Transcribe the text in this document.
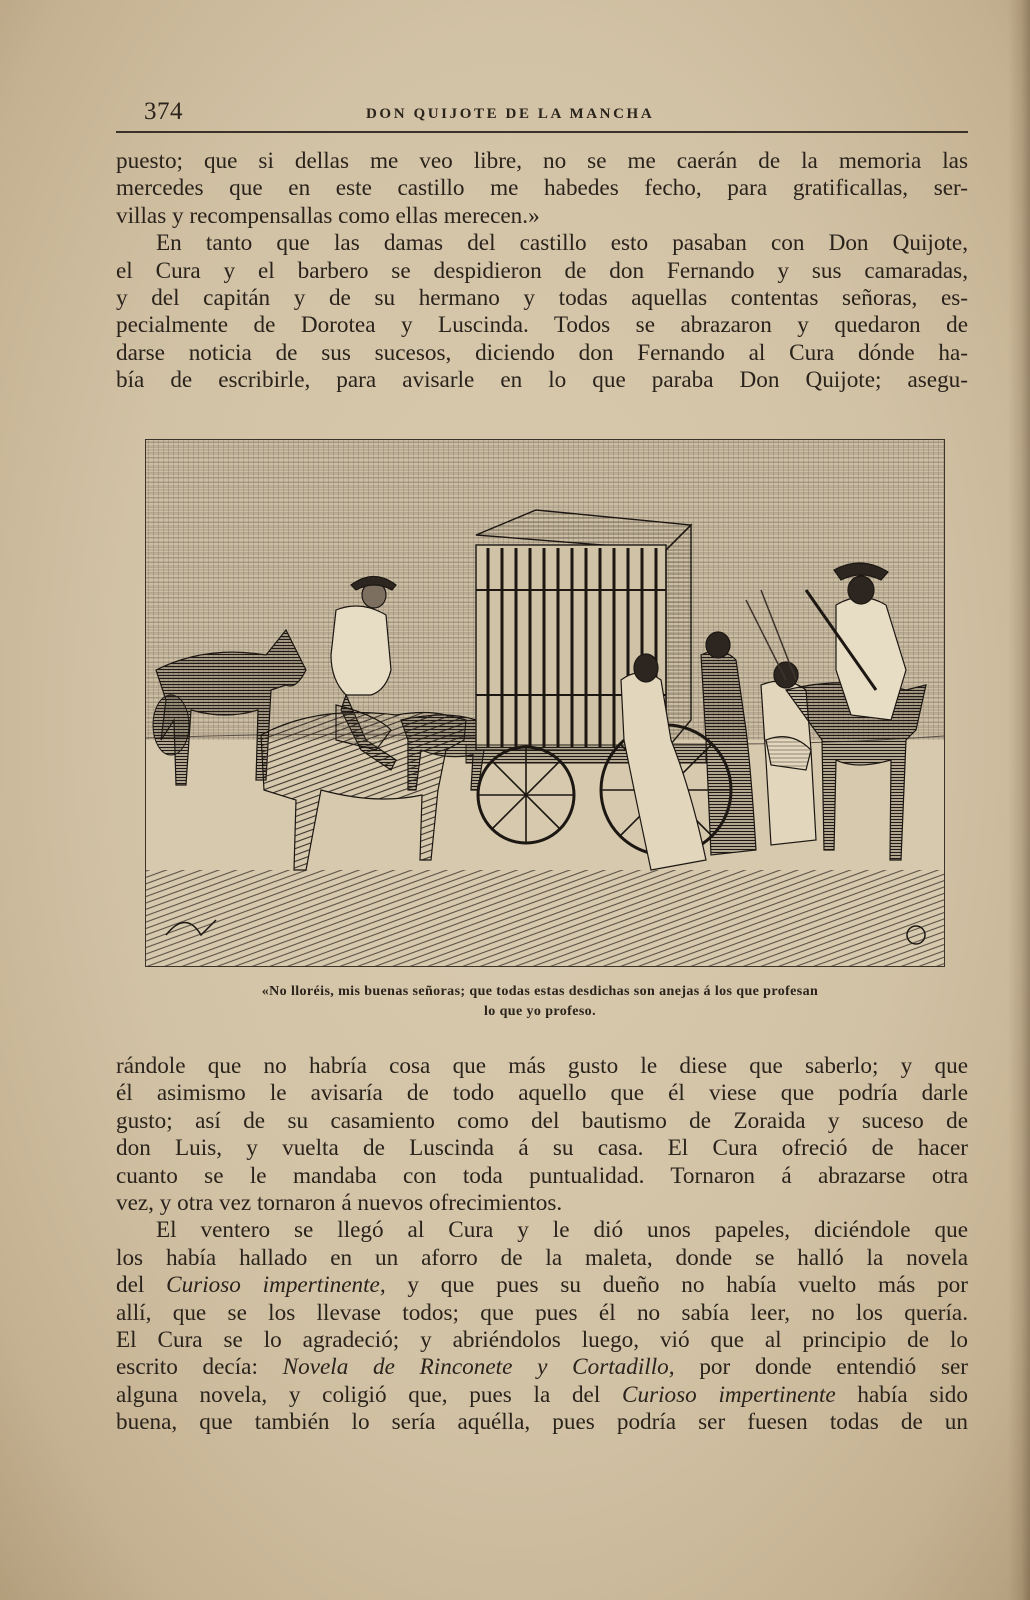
374	DON QUIJOTE DE LA MANCHA
puesto; que si dellas me veo libre, no se me caerán de la memoria las
mercedes que en este castillo me habedes fecho, para gratificallas, ser-
villas y recompensallas como ellas merecen.»
En tanto que las damas del castillo esto pasaban con Don Quijote,
el Cura y el barbero se despidieron de don Fernando y sus camaradas,
y del capitán y de su hermano y todas aquellas contentas señoras, es-
pecialmente de Dorotea y Luscinda. Todos se abrazaron y quedaron de
darse noticia de sus sucesos, diciendo don Fernando al Cura dónde ha-
bía de escribirle, para avisarle en lo que paraba Don Quijote; asegu-
«No lloréis, mis buenas señoras; que todas estas desdichas son anejas á los que profesan
lo que yo profeso.
rándole que no habría cosa que más gusto le diese que saberlo; y que
él asimismo le avisaría de todo aquello que él viese que podría darle
gusto; así de su casamiento como del bautismo de Zoraida y suceso de
don Luis, y vuelta de Luscinda á su casa. El Cura ofreció de hacer
cuanto se le mandaba con toda puntualidad. Tornaron á abrazarse otra
vez, y otra vez tornaron á nuevos ofrecimientos.
El ventero se llegó al Cura y le dió unos papeles, diciéndole que
los había hallado en un aforro de la maleta, donde se halló la novela
del Curioso impertinente, y que pues su dueño no había vuelto más por
allí, que se los llevase todos; que pues él no sabía leer, no los quería.
El Cura se lo agradeció; y abriéndolos luego, vió que al principio de lo
escrito decía: Novela de Rinconete y Cortadillo, por donde entendió ser
alguna novela, y coligió que, pues la del Curioso impertinente había sido
buena, que también lo sería aquélla, pues podría ser fuesen todas de un
